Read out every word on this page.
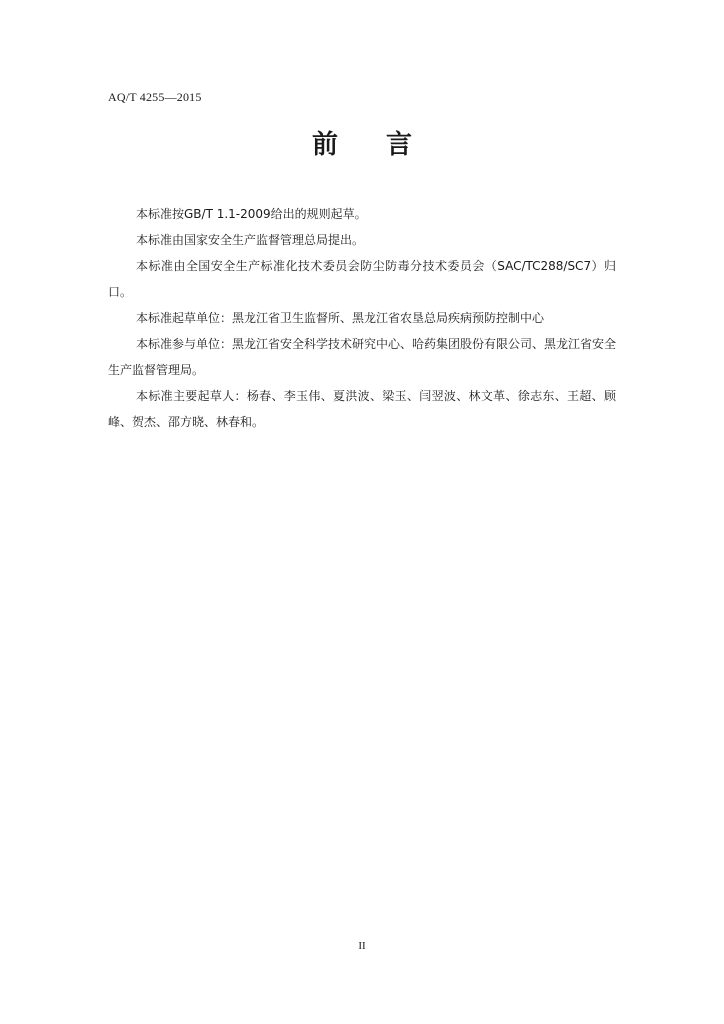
AQ/T 4255—2015
前言

本标准按GB/T 1.1-2009给出的规则起草。

本标准由国家安全生产监督管理总局提出。

本标准由全国安全生产标准化技术委员会防尘防毒分技术委员会（SAC/TC288/SC7）归口。

本标准起草单位：黑龙江省卫生监督所、黑龙江省农垦总局疾病预防控制中心

本标准参与单位：黑龙江省安全科学技术研究中心、哈药集团股份有限公司、黑龙江省安全生产监督管理局。

本标准主要起草人：杨春、李玉伟、夏洪波、梁玉、闫翌波、林文革、徐志东、王超、顾峰、贺杰、邵方晓、林春和。

II
